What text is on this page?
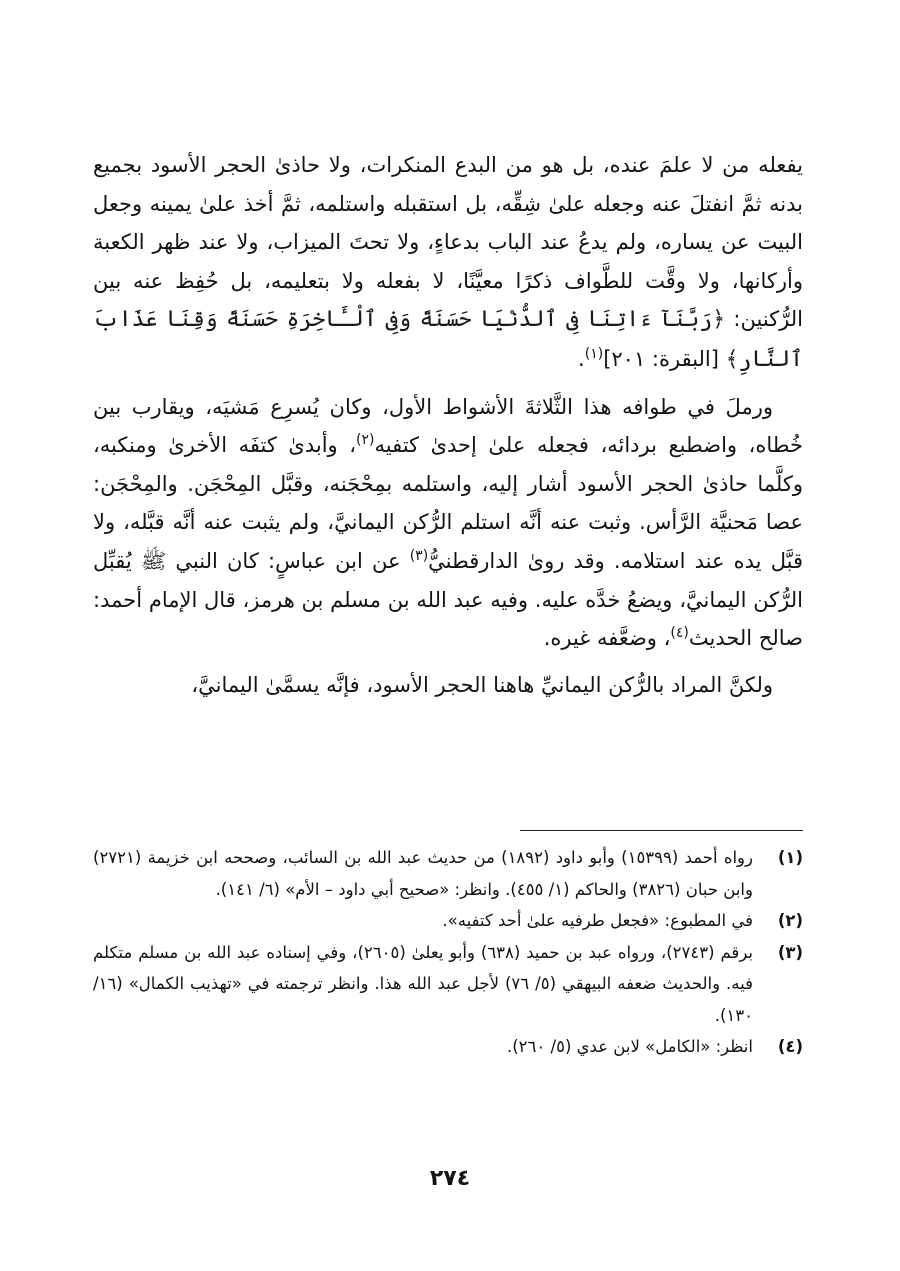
يفعله من لا علمَ عنده، بل هو من البدع المنكرات، ولا حاذىٰ الحجر الأسود بجميع بدنه ثمَّ انفتلَ عنه وجعله علىٰ شِقِّه، بل استقبله واستلمه، ثمَّ أخذ علىٰ يمينه وجعل البيت عن يساره، ولم يدعُ عند الباب بدعاءٍ، ولا تحتَ الميزاب، ولا عند ظهر الكعبة وأركانها، ولا وقَّت للطَّواف ذكرًا معيَّنًا، لا بفعله ولا بتعليمه، بل حُفِظ عنه بين الرُّكنين: ﴿رَبَّنَآ ءَاتِنَا فِى ٱلدُّنْيَا حَسَنَةً وَفِى ٱلْـَٔاخِرَةِ حَسَنَةً وَقِنَا عَذَابَ ٱلنَّارِ﴾ [البقرة: ٢٠١]$^{(١)}$.

ورملَ في طوافه هذا الثَّلاثةَ الأشواط الأول، وكان يُسرِع مَشيَه، ويقارب بين خُطاه، واضطبع بردائه، فجعله علىٰ إحدىٰ كتفيه$^{(٢)}$، وأبدىٰ كتفَه الأخرىٰ ومنكبه، وكلَّما حاذىٰ الحجر الأسود أشار إليه، واستلمه بمِحْجَنه، وقبَّل المِحْجَن. والمِحْجَن: عصا مَحنيَّة الرَّأس. وثبت عنه أنَّه استلم الرُّكن اليمانيَّ، ولم يثبت عنه أنَّه قبَّله، ولا قبَّل يده عند استلامه. وقد روىٰ الدارقطنيُّ$^{(٣)}$ عن ابن عباسٍ: كان النبي ﷺ يُقبِّل الرُّكن اليمانيَّ، ويضعُ خدَّه عليه. وفيه عبد الله بن مسلم بن هرمز، قال الإمام أحمد: صالح الحديث$^{(٤)}$، وضعَّفه غيره.

ولكنَّ المراد بالرُّكن اليمانيِّ هاهنا الحجر الأسود، فإنَّه يسمَّىٰ اليمانيَّ،

(١)
رواه أحمد (١٥٣٩٩) وأبو داود (١٨٩٢) من حديث عبد الله بن السائب، وصححه ابن خزيمة (٢٧٢١) وابن حبان (٣٨٢٦) والحاكم (١/ ٤٥٥). وانظر: «صحيح أبي داود – الأم» (٦/ ١٤١).
(٢)
في المطبوع: «فجعل طرفيه علىٰ أحد كتفيه».
(٣)
برقم (٢٧٤٣)، ورواه عبد بن حميد (٦٣٨) وأبو يعلىٰ (٢٦٠٥)، وفي إسناده عبد الله بن مسلم متكلم فيه. والحديث ضعفه البيهقي (٥/ ٧٦) لأجل عبد الله هذا. وانظر ترجمته في «تهذيب الكمال» (١٦/ ١٣٠).
(٤)
انظر: «الكامل» لابن عدي (٥/ ٢٦٠).
٢٧٤
